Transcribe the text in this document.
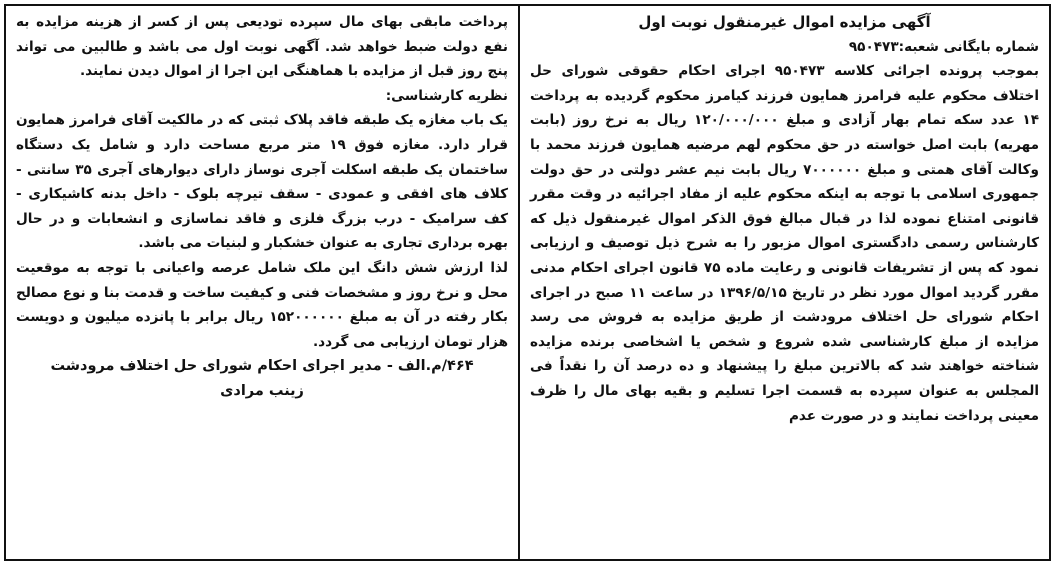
آگهی مزایده اموال غیرمنقول نوبت اول

شماره بایگانی شعبه:۹۵۰۴۷۳

بموجب پرونده اجرائی کلاسه ۹۵۰۴۷۳ اجرای احکام حقوقی شورای حل اختلاف محکوم علیه فرامرز همایون فرزند کیامرز محکوم گردیده به پرداخت ۱۴ عدد سکه تمام بهار آزادی و مبلغ ۱۲۰/۰۰۰/۰۰۰ ریال به نرخ روز (بابت مهریه) بابت اصل خواسته در حق محکوم لهم مرضیه همایون فرزند محمد با وکالت آقای همتی و مبلغ ۷۰۰۰۰۰۰ ریال بابت نیم عشر دولتی در حق دولت جمهوری اسلامی با توجه به اینکه محکوم علیه از مفاد اجرائیه در وقت مقرر قانونی امتناع نموده لذا در قبال مبالغ فوق الذکر اموال غیرمنقول ذیل که کارشناس رسمی دادگستری اموال مزبور را به شرح ذیل توصیف و ارزیابی نمود که پس از تشریفات قانونی و رعایت ماده ۷۵ قانون اجرای احکام مدنی مقرر گردید اموال مورد نظر در تاریخ ۱۳۹۶/۵/۱۵ در ساعت ۱۱ صبح در اجرای احکام شورای حل اختلاف مرودشت از طریق مزایده به فروش می رسد مزایده از مبلغ کارشناسی شده شروع و شخص یا اشخاصی برنده مزایده شناخته خواهند شد که بالاترین مبلغ را پیشنهاد و ده درصد آن را نقداً فی المجلس به عنوان سپرده به قسمت اجرا تسلیم و بقیه بهای مال را ظرف معینی پرداخت نمایند و در صورت عدم

پرداخت مابقی بهای مال سپرده تودیعی پس از کسر از هزینه مزایده به نفع دولت ضبط خواهد شد. آگهی نوبت اول می باشد و طالبین می تواند پنج روز قبل از مزایده با هماهنگی این اجرا از اموال دیدن نمایند.

نظریه کارشناسی:

یک باب مغازه یک طبقه فاقد پلاک ثبتی که در مالکیت آقای فرامرز همایون قرار دارد. مغازه فوق ۱۹ متر مربع مساحت دارد و شامل یک دستگاه ساختمان یک طبقه اسکلت آجری نوساز دارای دیوارهای آجری ۳۵ سانتی - کلاف های افقی و عمودی - سقف تیرچه بلوک - داخل بدنه کاشیکاری - کف سرامیک - درب بزرگ فلزی و فاقد نماسازی و انشعابات و در حال بهره برداری تجاری به عنوان خشکبار و لبنیات می باشد.

لذا ارزش شش دانگ این ملک شامل عرصه واعیانی با توجه به موقعیت محل و نرخ روز و مشخصات فنی و کیفیت ساخت و قدمت بنا و نوع مصالح بکار رفته در آن به مبلغ ۱۵۲۰۰۰۰۰۰ ریال برابر با پانزده میلیون و دویست هزار تومان ارزیابی می گردد.

۴۶۴/م.الف - مدیر اجرای احکام شورای حل اختلاف مرودشت

زینب مرادی
